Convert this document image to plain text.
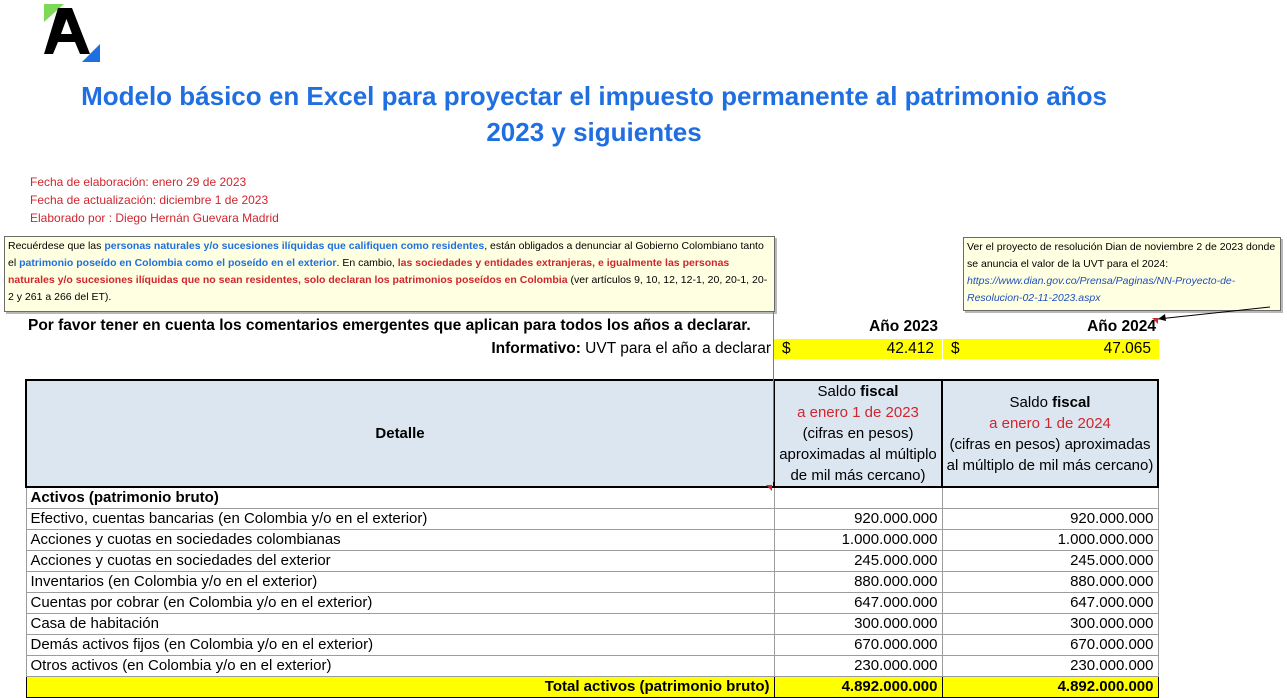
Modelo básico en Excel para proyectar el impuesto permanente al patrimonio años
2023 y siguientes
Fecha de elaboración: enero 29 de 2023
Fecha de actualización: diciembre 1 de 2023
Elaborado por : Diego Hernán Guevara Madrid
Recuérdese que las personas naturales y/o sucesiones ilíquidas que califiquen como residentes, están obligados a denunciar al Gobierno Colombiano tanto el patrimonio poseído en Colombia como el poseído en el exterior. En cambio, las sociedades y entidades extranjeras, e igualmente las personas naturales y/o sucesiones ilíquidas que no sean residentes, solo declaran los patrimonios poseídos en Colombia (ver artículos 9, 10, 12, 12-1, 20, 20-1, 20-2 y 261 a 266 del ET).
Ver el proyecto de resolución Dian de noviembre 2 de 2023 donde se anuncia el valor de la UVT para el 2024: https://www.dian.gov.co/Prensa/Paginas/NN-Proyecto-de-Resolucion-02-11-2023.aspx
Por favor tener en cuenta los comentarios emergentes que aplican para todos los años a declarar.	Año 2023	Año 2024
Informativo: UVT para el año a declarar $	42.412 $	47.065
Detalle	Saldo fiscal
a enero 1 de 2023
(cifras en pesos) aproximadas al múltiplo de mil más cercano)	Saldo fiscal
a enero 1 de 2024
(cifras en pesos) aproximadas al múltiplo de mil más cercano)
Activos (patrimonio bruto)		
Efectivo, cuentas bancarias (en Colombia y/o en el exterior)	920.000.000	920.000.000
Acciones y cuotas en sociedades colombianas	1.000.000.000	1.000.000.000
Acciones y cuotas en sociedades del exterior	245.000.000	245.000.000
Inventarios (en Colombia y/o en el exterior)	880.000.000	880.000.000
Cuentas por cobrar (en Colombia y/o en el exterior)	647.000.000	647.000.000
Casa de habitación	300.000.000	300.000.000
Demás activos fijos (en Colombia y/o en el exterior)	670.000.000	670.000.000
Otros activos (en Colombia y/o en el exterior)	230.000.000	230.000.000
Total activos (patrimonio bruto)	4.892.000.000	4.892.000.000
